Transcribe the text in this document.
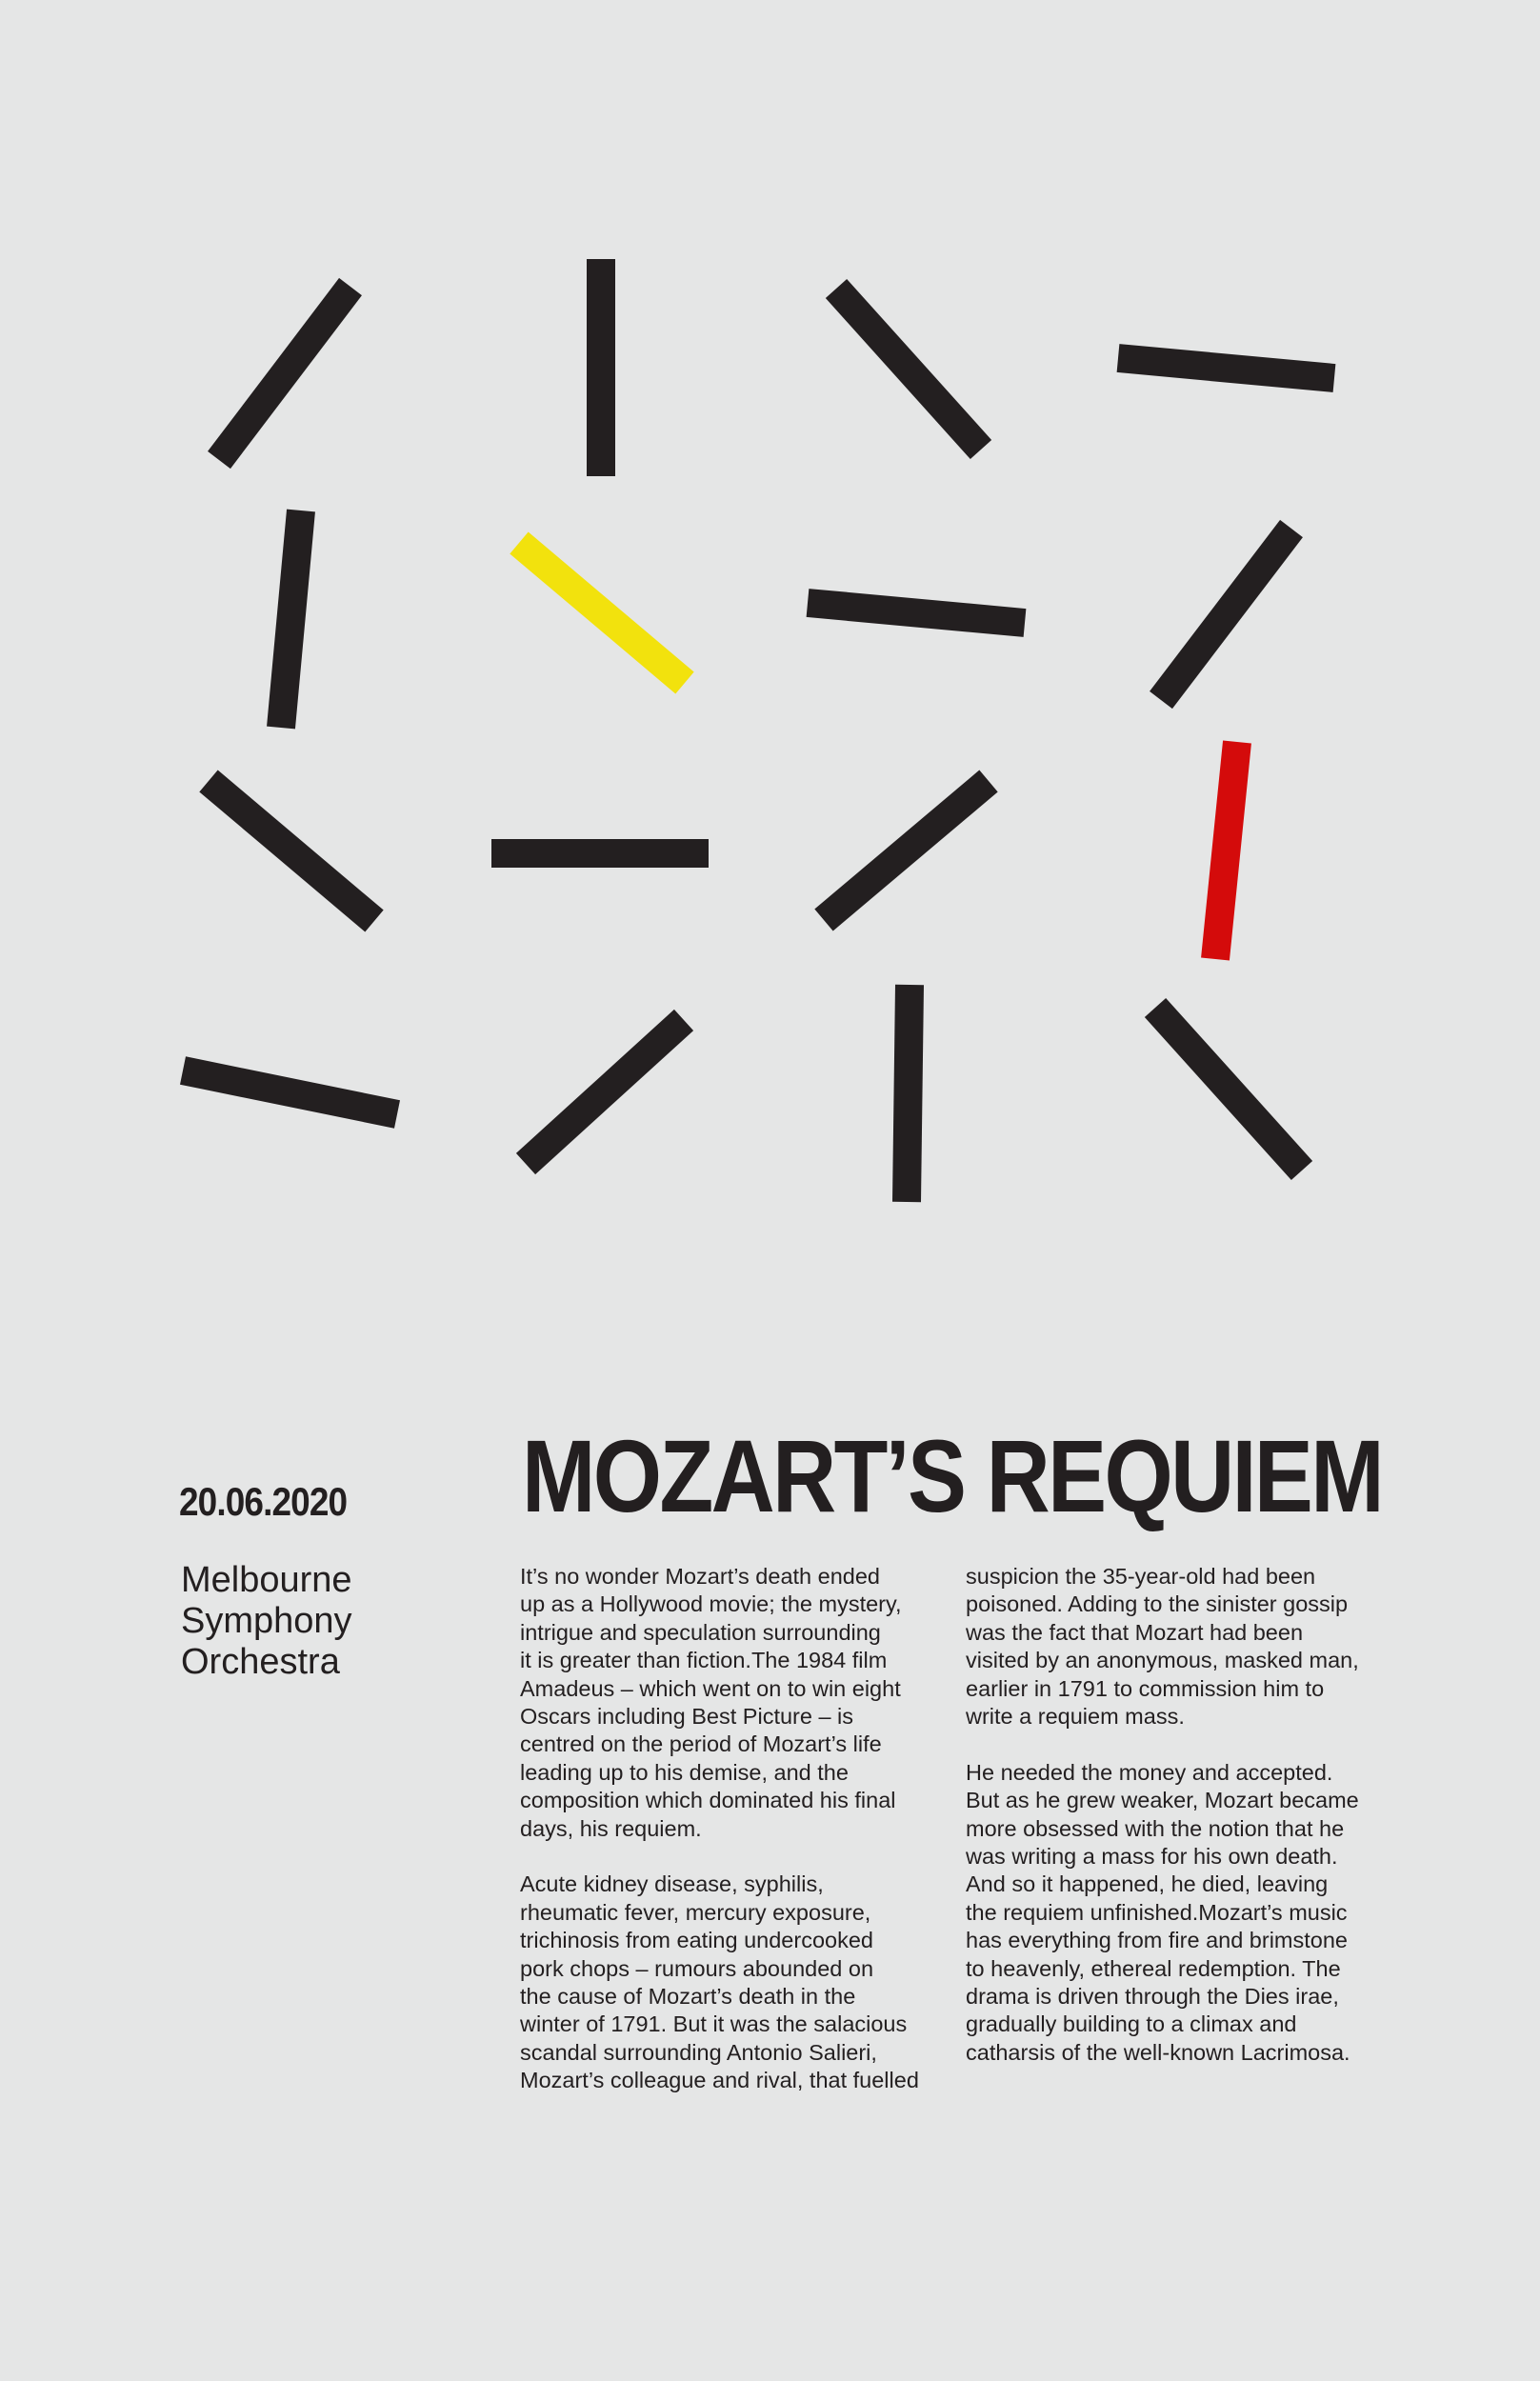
MOZART’S REQUIEM
20.06.2020
Melbourne
Symphony
Orchestra

It’s no wonder Mozart’s death ended
up as a Hollywood movie; the mystery,
intrigue and speculation surrounding
it is greater than fiction.The 1984 film
Amadeus – which went on to win eight
Oscars including Best Picture – is
centred on the period of Mozart’s life
leading up to his demise, and the
composition which dominated his final
days, his requiem.

Acute kidney disease, syphilis,
rheumatic fever, mercury exposure,
trichinosis from eating undercooked
pork chops – rumours abounded on
the cause of Mozart’s death in the
winter of 1791. But it was the salacious
scandal surrounding Antonio Salieri,
Mozart’s colleague and rival, that fuelled

suspicion the 35-year-old had been
poisoned. Adding to the sinister gossip
was the fact that Mozart had been
visited by an anonymous, masked man,
earlier in 1791 to commission him to
write a requiem mass.

He needed the money and accepted.
But as he grew weaker, Mozart became
more obsessed with the notion that he
was writing a mass for his own death.
And so it happened, he died, leaving
the requiem unfinished.Mozart’s music
has everything from fire and brimstone
to heavenly, ethereal redemption. The
drama is driven through the Dies irae,
gradually building to a climax and
catharsis of the well-known Lacrimosa.
